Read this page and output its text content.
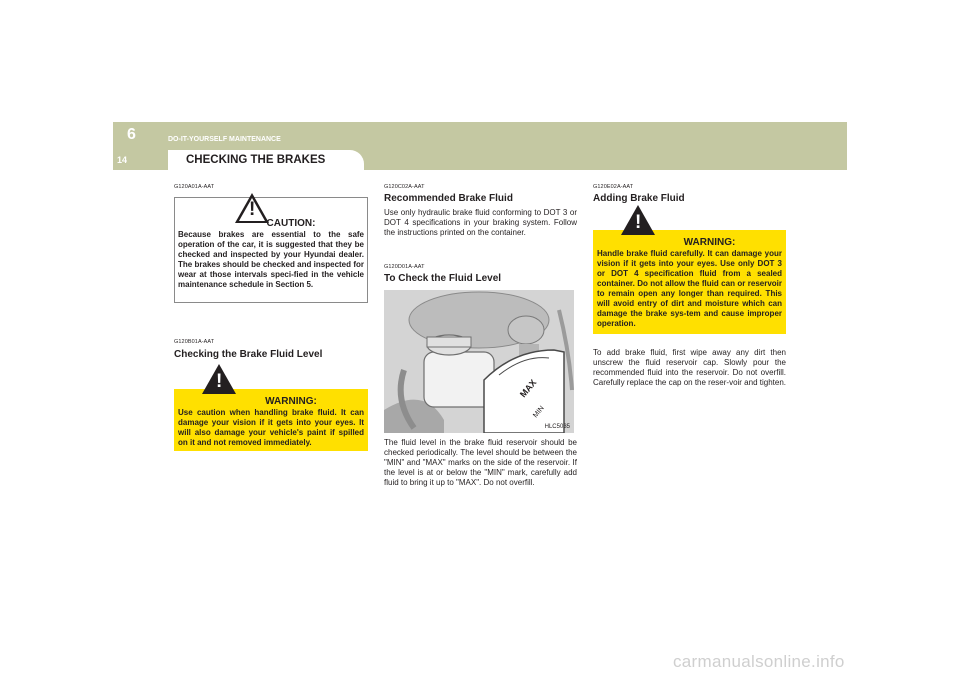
6	DO-IT-YOURSELF MAINTENANCE
14	CHECKING THE BRAKES
G120A01A-AAT
!
CAUTION:
Because brakes are essential to the safe operation of the car, it is suggested that they be checked and inspected by your Hyundai dealer. The brakes should be checked and inspected for wear at those intervals speci-fied in the vehicle maintenance schedule in Section 5.
G120B01A-AAT
Checking the Brake Fluid Level
!
WARNING:
Use caution when handling brake fluid. It can damage your vision if it gets into your eyes. It will also damage your vehicle's paint if spilled on it and not removed immediately.
G120C02A-AAT
Recommended Brake Fluid

Use only hydraulic brake fluid conforming to DOT 3 or DOT 4 specifications in your braking system. Follow the instructions printed on the container.

G120D01A-AAT
To Check the Fluid Level
MAX
MIN
HLC5035

The fluid level in the brake fluid reservoir should be checked periodically. The level should be between the "MIN" and "MAX" marks on the side of the reservoir. If the level is at or below the "MIN" mark, carefully add fluid to bring it up to "MAX". Do not overfill.

G120E02A-AAT
Adding Brake Fluid
!
WARNING:
Handle brake fluid carefully. It can damage your vision if it gets into your eyes. Use only DOT 3 or DOT 4 specification fluid from a sealed container. Do not allow the fluid can or reservoir to remain open any longer than required. This will avoid entry of dirt and moisture which can damage the brake sys-tem and cause improper operation.

To add brake fluid, first wipe away any dirt then unscrew the fluid reservoir cap. Slowly pour the recommended fluid into the reservoir. Do not overfill. Carefully replace the cap on the reser-voir and tighten.

carmanualsonline.info
